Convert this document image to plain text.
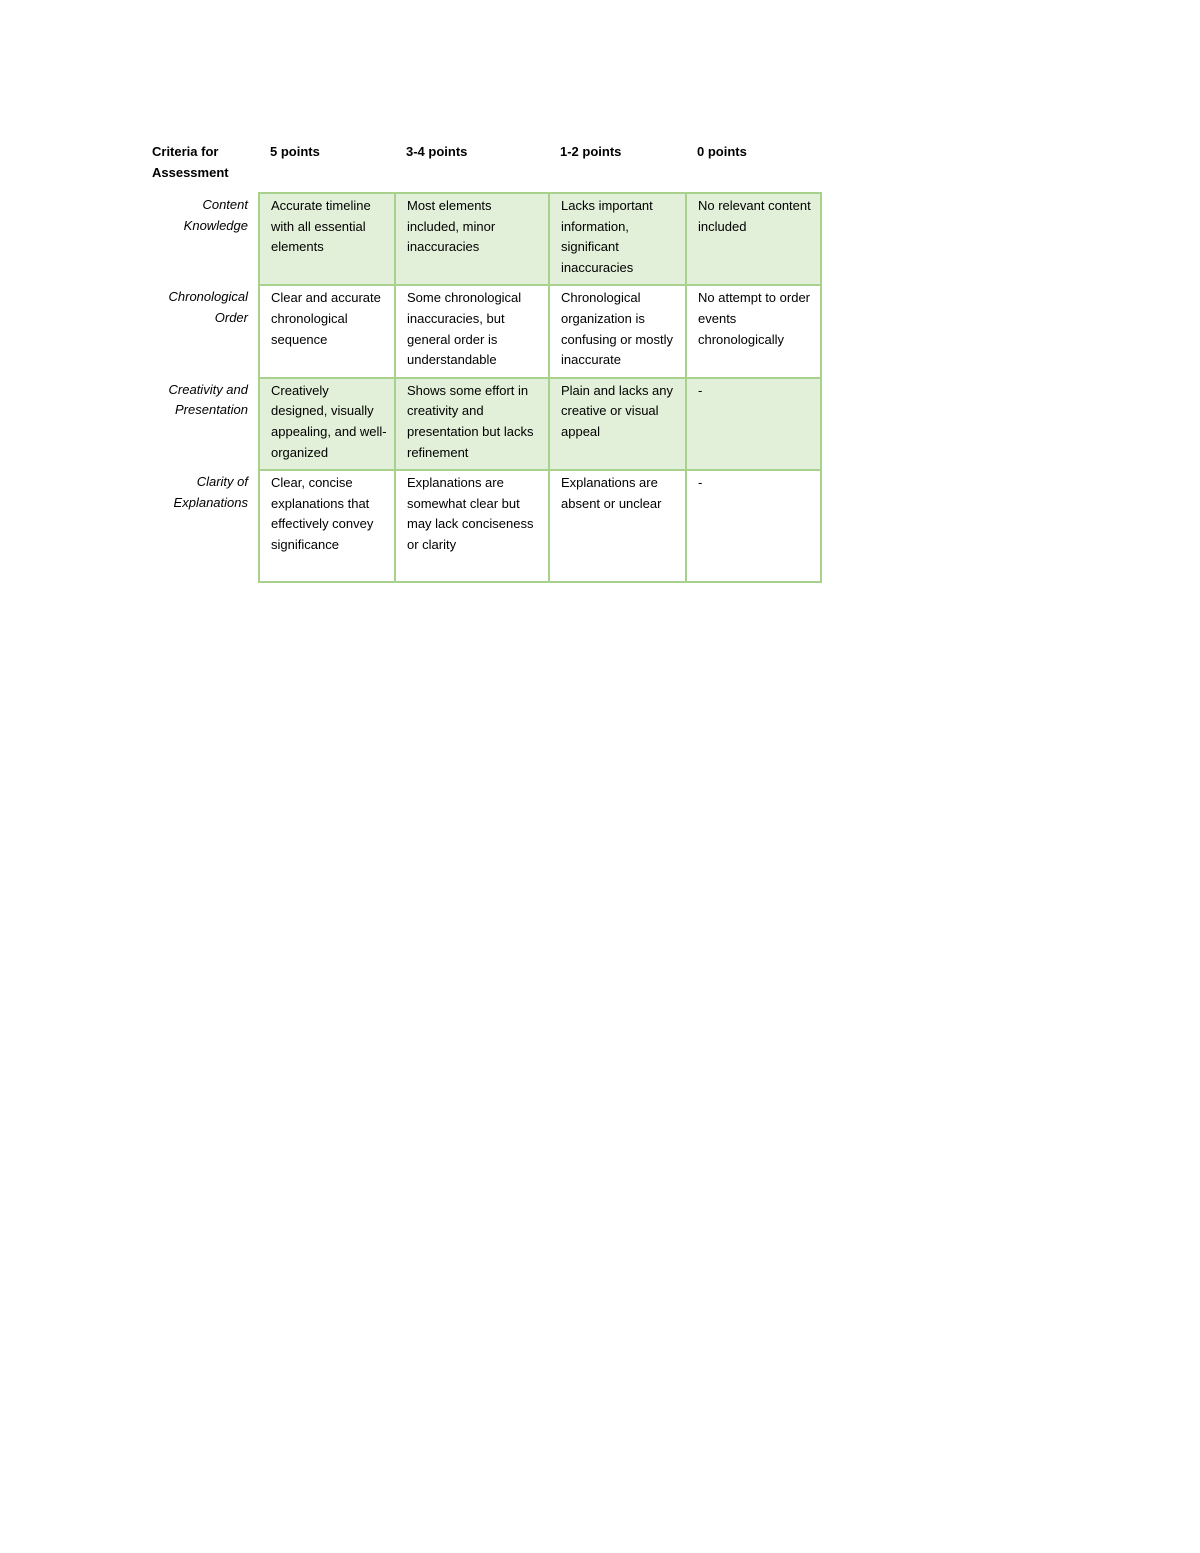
Criteria for Assessment	5 points	3-4 points	1-2 points	0 points
Content Knowledge	Accurate timeline with all essential elements	Most elements included, minor inaccuracies	Lacks important information, significant inaccuracies	No relevant content included
Chronological Order	Clear and accurate chronological sequence	Some chronological inaccuracies, but general order is understandable	Chronological organization is confusing or mostly inaccurate	No attempt to order events chronologically
Creativity and Presentation	Creatively designed, visually appealing, and well-organized	Shows some effort in creativity and presentation but lacks refinement	Plain and lacks any creative or visual appeal	-
Clarity of Explanations	Clear, concise explanations that effectively convey significance	Explanations are somewhat clear but may lack conciseness or clarity	Explanations are absent or unclear	-
